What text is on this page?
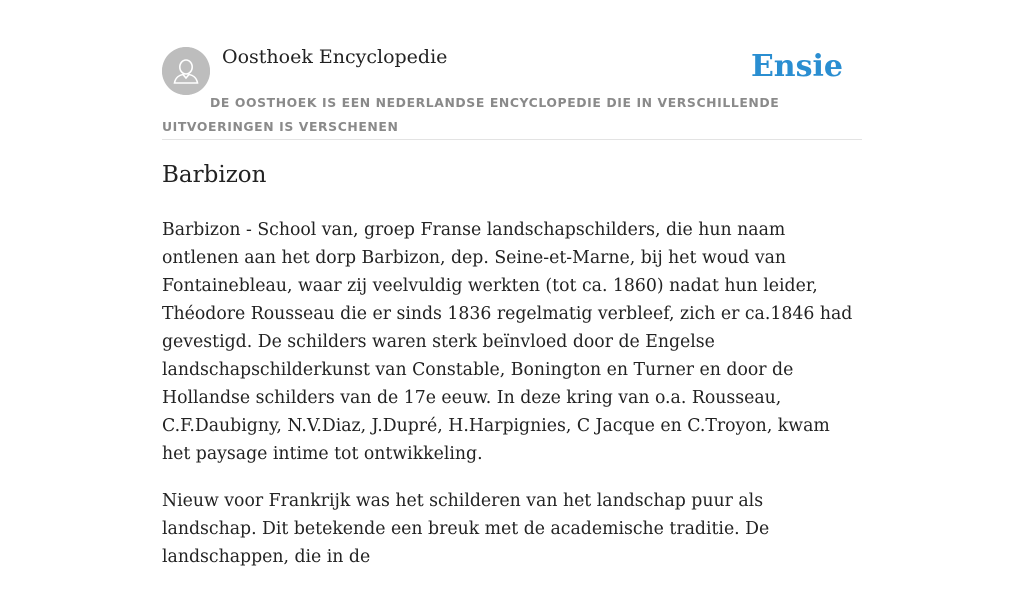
Oosthoek Encyclopedie	Ensie
DE OOSTHOEK IS EEN NEDERLANDSE ENCYCLOPEDIE DIE IN VERSCHILLENDE UITVOERINGEN IS VERSCHENEN
Barbizon

Barbizon - School van, groep Franse landschapschilders, die hun naam ontlenen aan het dorp Barbizon, dep. Seine-et-Marne, bij het woud van Fontainebleau, waar zij veelvuldig werkten (tot ca. 1860) nadat hun leider, Théodore Rousseau die er sinds 1836 regelmatig verbleef, zich er ca.1846 had gevestigd. De schilders waren sterk beïnvloed door de Engelse landschapschilderkunst van Constable, Bonington en Turner en door de Hollandse schilders van de 17e eeuw. In deze kring van o.a. Rousseau, C.F.Daubigny, N.V.Diaz, J.Dupré, H.Harpignies, C Jacque en C.Troyon, kwam het paysage intime tot ontwikkeling.

Nieuw voor Frankrijk was het schilderen van het landschap puur als landschap. Dit betekende een breuk met de academische traditie. De landschappen, die in de
